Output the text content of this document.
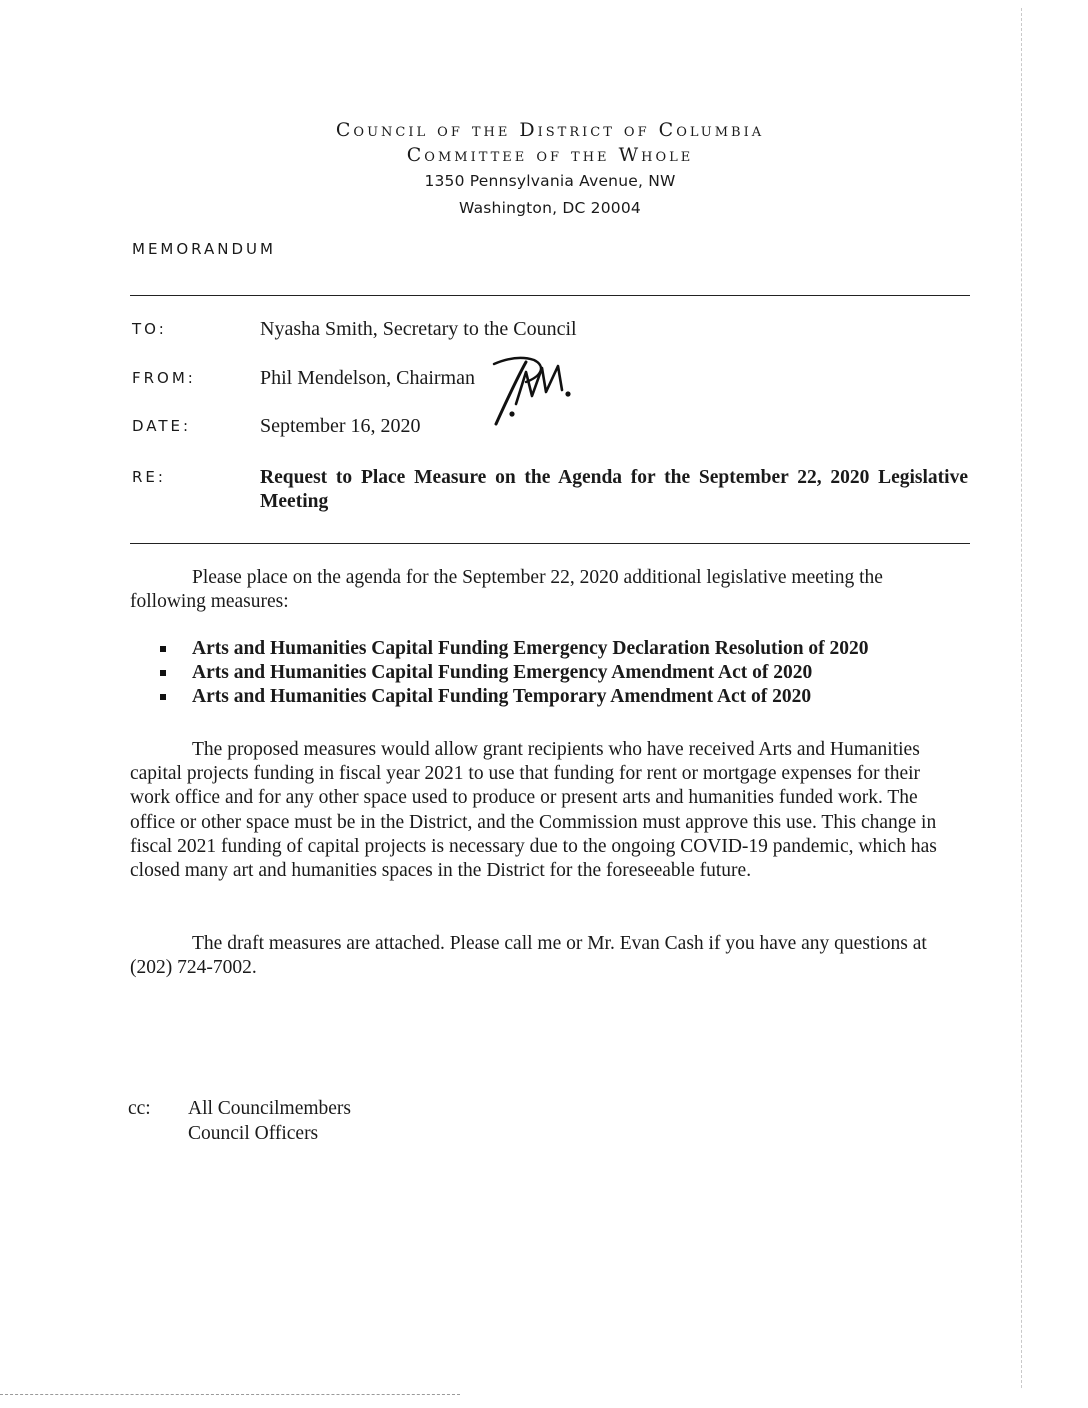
Council of the District of Columbia
Committee of the Whole
1350 Pennsylvania Avenue, NW
Washington, DC 20004
MEMORANDUM
TO:	Nyasha Smith, Secretary to the Council
FROM:	Phil Mendelson, Chairman
DATE:	September 16, 2020
RE:	Request to Place Measure on the Agenda for the September 22, 2020 Legislative Meeting
Please place on the agenda for the September 22, 2020 additional legislative meeting the following measures:
Arts and Humanities Capital Funding Emergency Declaration Resolution of 2020
Arts and Humanities Capital Funding Emergency Amendment Act of 2020
Arts and Humanities Capital Funding Temporary Amendment Act of 2020
The proposed measures would allow grant recipients who have received Arts and Humanities capital projects funding in fiscal year 2021 to use that funding for rent or mortgage expenses for their work office and for any other space used to produce or present arts and humanities funded work. The office or other space must be in the District, and the Commission must approve this use. This change in fiscal 2021 funding of capital projects is necessary due to the ongoing COVID-19 pandemic, which has closed many art and humanities spaces in the District for the foreseeable future.
The draft measures are attached. Please call me or Mr. Evan Cash if you have any questions at (202) 724-7002.
cc: All Councilmembers
Council Officers
